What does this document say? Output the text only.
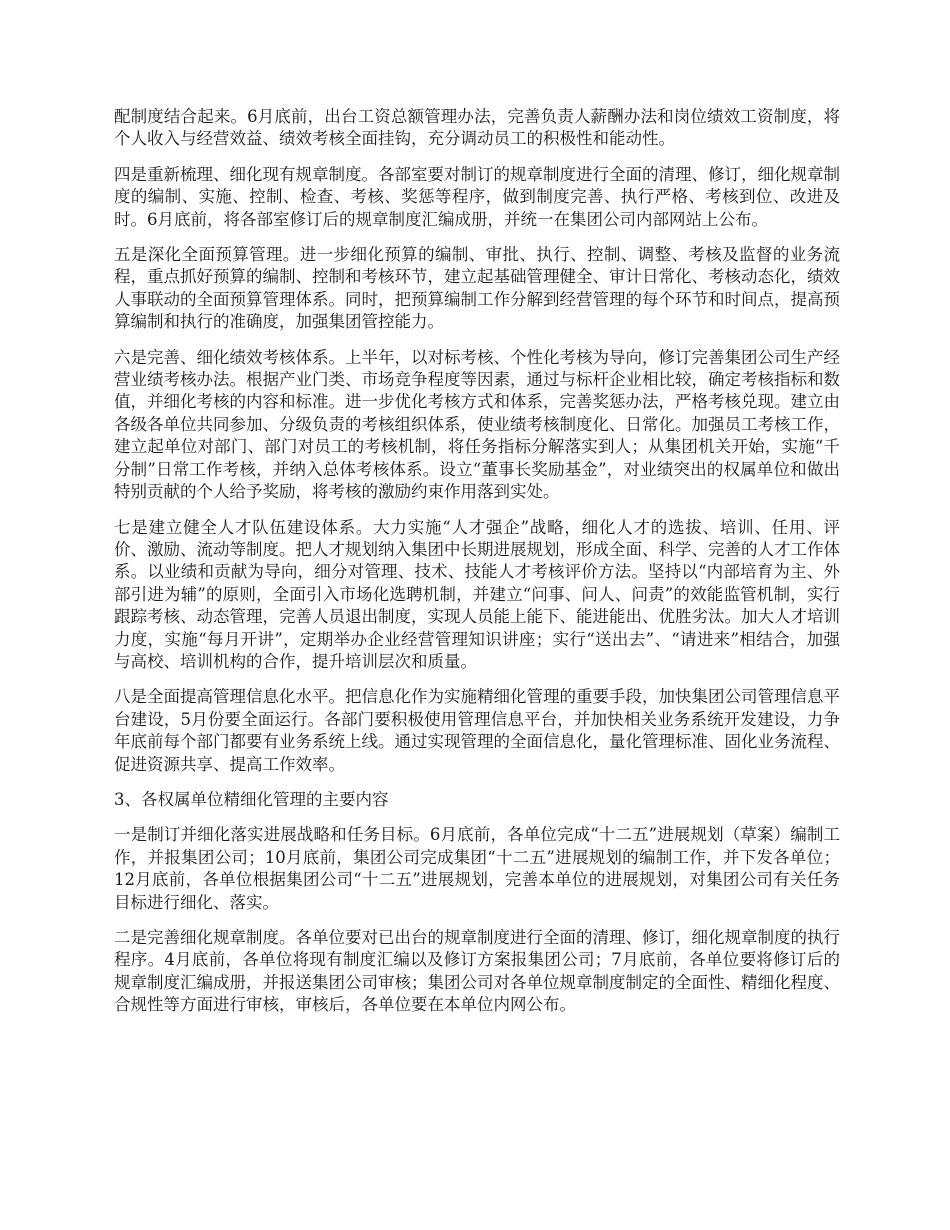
配制度结合起来。6月底前，出台工资总额管理办法，完善负责人薪酬办法和岗位绩效工资制度，将个人收入与经营效益、绩效考核全面挂钩，充分调动员工的积极性和能动性。

四是重新梳理、细化现有规章制度。各部室要对制订的规章制度进行全面的清理、修订，细化规章制度的编制、实施、控制、检查、考核、奖惩等程序，做到制度完善、执行严格、考核到位、改进及时。6月底前，将各部室修订后的规章制度汇编成册，并统一在集团公司内部网站上公布。

五是深化全面预算管理。进一步细化预算的编制、审批、执行、控制、调整、考核及监督的业务流程，重点抓好预算的编制、控制和考核环节，建立起基础管理健全、审计日常化、考核动态化，绩效人事联动的全面预算管理体系。同时，把预算编制工作分解到经营管理的每个环节和时间点，提高预算编制和执行的准确度，加强集团管控能力。

六是完善、细化绩效考核体系。上半年，以对标考核、个性化考核为导向，修订完善集团公司生产经营业绩考核办法。根据产业门类、市场竞争程度等因素，通过与标杆企业相比较，确定考核指标和数值，并细化考核的内容和标准。进一步优化考核方式和体系，完善奖惩办法，严格考核兑现。建立由各级各单位共同参加、分级负责的考核组织体系，使业绩考核制度化、日常化。加强员工考核工作，建立起单位对部门、部门对员工的考核机制，将任务指标分解落实到人；从集团机关开始，实施“千分制”日常工作考核，并纳入总体考核体系。设立“董事长奖励基金”，对业绩突出的权属单位和做出特别贡献的个人给予奖励，将考核的激励约束作用落到实处。

七是建立健全人才队伍建设体系。大力实施“人才强企”战略，细化人才的选拔、培训、任用、评价、激励、流动等制度。把人才规划纳入集团中长期进展规划，形成全面、科学、完善的人才工作体系。以业绩和贡献为导向，细分对管理、技术、技能人才考核评价方法。坚持以“内部培育为主、外部引进为辅”的原则，全面引入市场化选聘机制，并建立“问事、问人、问责”的效能监管机制，实行跟踪考核、动态管理，完善人员退出制度，实现人员能上能下、能进能出、优胜劣汰。加大人才培训力度，实施“每月开讲”，定期举办企业经营管理知识讲座；实行“送出去”、“请进来”相结合，加强与高校、培训机构的合作，提升培训层次和质量。

八是全面提高管理信息化水平。把信息化作为实施精细化管理的重要手段，加快集团公司管理信息平台建设，5月份要全面运行。各部门要积极使用管理信息平台，并加快相关业务系统开发建设，力争年底前每个部门都要有业务系统上线。通过实现管理的全面信息化，量化管理标准、固化业务流程、促进资源共享、提高工作效率。

3、各权属单位精细化管理的主要内容

一是制订并细化落实进展战略和任务目标。6月底前，各单位完成“十二五”进展规划（草案）编制工作，并报集团公司；10月底前，集团公司完成集团“十二五”进展规划的编制工作，并下发各单位；12月底前，各单位根据集团公司“十二五”进展规划，完善本单位的进展规划，对集团公司有关任务目标进行细化、落实。

二是完善细化规章制度。各单位要对已出台的规章制度进行全面的清理、修订，细化规章制度的执行程序。4月底前，各单位将现有制度汇编以及修订方案报集团公司；7月底前，各单位要将修订后的规章制度汇编成册，并报送集团公司审核；集团公司对各单位规章制度制定的全面性、精细化程度、合规性等方面进行审核，审核后，各单位要在本单位内网公布。
